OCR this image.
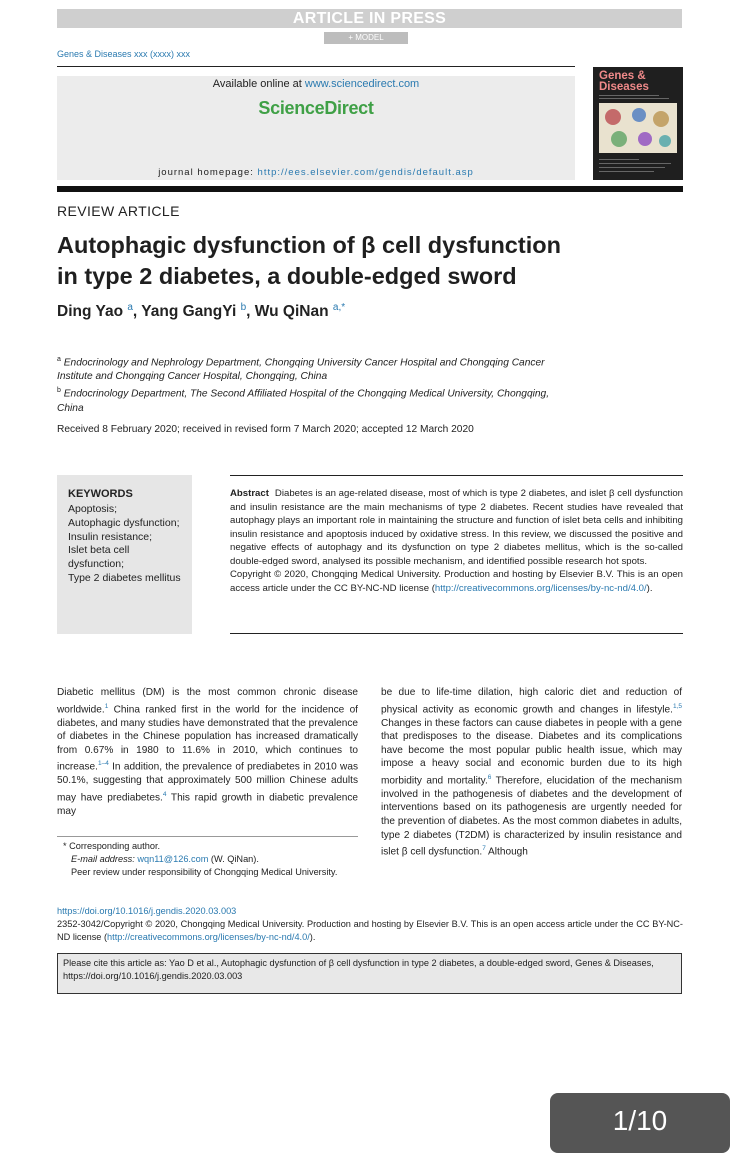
ARTICLE IN PRESS
+ MODEL
Genes & Diseases xxx (xxxx) xxx
Available online at www.sciencedirect.com
ScienceDirect
journal homepage: http://ees.elsevier.com/gendis/default.asp
Genes &
Diseases
REVIEW ARTICLE
Autophagic dysfunction of β cell dysfunction
in type 2 diabetes, a double-edged sword
Ding Yao $^a$, Yang GangYi $^b$, Wu QiNan $^{a,*}$
$^a$ Endocrinology and Nephrology Department, Chongqing University Cancer Hospital and Chongqing Cancer Institute and Chongqing Cancer Hospital, Chongqing, China
$^b$ Endocrinology Department, The Second Affiliated Hospital of the Chongqing Medical University, Chongqing, China
Received 8 February 2020; received in revised form 7 March 2020; accepted 12 March 2020
KEYWORDS
Apoptosis;
Autophagic dysfunction;
Insulin resistance;
Islet beta cell dysfunction;
Type 2 diabetes mellitus
Abstract Diabetes is an age-related disease, most of which is type 2 diabetes, and islet β cell dysfunction and insulin resistance are the main mechanisms of type 2 diabetes. Recent studies have revealed that autophagy plays an important role in maintaining the structure and function of islet beta cells and inhibiting insulin resistance and apoptosis induced by oxidative stress. In this review, we discussed the positive and negative effects of autophagy and its dysfunction on type 2 diabetes mellitus, which is the so-called double-edged sword, analysed its possible mechanism, and identified possible research hot spots.
Copyright © 2020, Chongqing Medical University. Production and hosting by Elsevier B.V. This is an open access article under the CC BY-NC-ND license (http://creativecommons.org/licenses/by-nc-nd/4.0/).
Diabetic mellitus (DM) is the most common chronic disease worldwide.$^1$ China ranked first in the world for the incidence of diabetes, and many studies have demonstrated that the prevalence of diabetes in the Chinese population has increased dramatically from 0.67% in 1980 to 11.6% in 2010, which continues to increase.$^{1-4}$ In addition, the prevalence of prediabetes in 2010 was 50.1%, suggesting that approximately 500 million Chinese adults may have prediabetes.$^4$ This rapid growth in diabetic prevalence may
be due to life-time dilation, high caloric diet and reduction of physical activity as economic growth and changes in lifestyle.$^{1,5}$ Changes in these factors can cause diabetes in people with a gene that predisposes to the disease. Diabetes and its complications have become the most popular public health issue, which may impose a heavy social and economic burden due to its high morbidity and mortality.$^6$ Therefore, elucidation of the mechanism involved in the pathogenesis of diabetes and the development of interventions based on its pathogenesis are urgently needed for the prevention of diabetes. As the most common diabetes in adults, type 2 diabetes (T2DM) is characterized by insulin resistance and islet β cell dysfunction.$^7$ Although
* Corresponding author.
E-mail address: wqn11@126.com (W. QiNan).
Peer review under responsibility of Chongqing Medical University.
https://doi.org/10.1016/j.gendis.2020.03.003
2352-3042/Copyright © 2020, Chongqing Medical University. Production and hosting by Elsevier B.V. This is an open access article under the CC BY-NC-ND license (http://creativecommons.org/licenses/by-nc-nd/4.0/).
Please cite this article as: Yao D et al., Autophagic dysfunction of β cell dysfunction in type 2 diabetes, a double-edged sword, Genes & Diseases, https://doi.org/10.1016/j.gendis.2020.03.003
1/10
